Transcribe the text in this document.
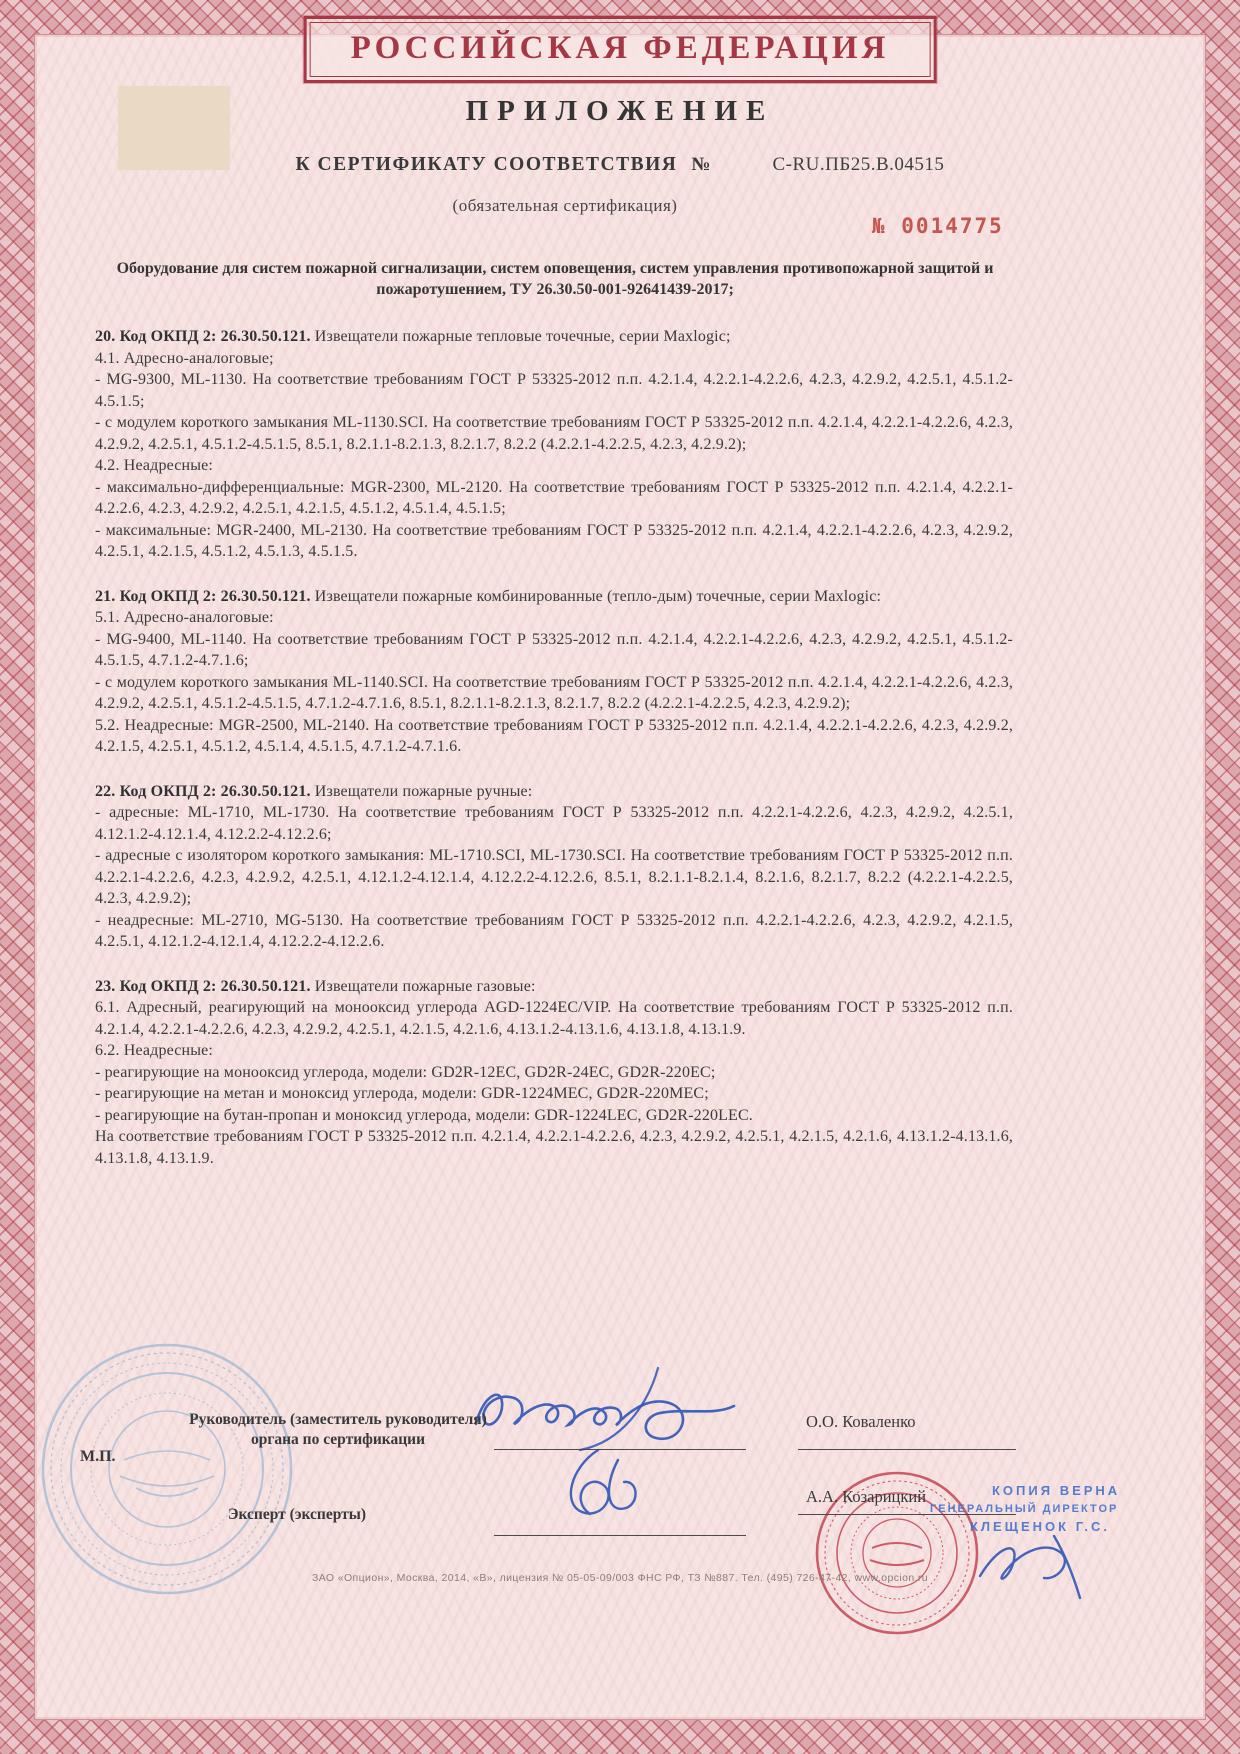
РОССИЙСКАЯ ФЕДЕРАЦИЯ
ПРИЛОЖЕНИЕ
К СЕРТИФИКАТУ СООТВЕТСТВИЯ №	C-RU.ПБ25.В.04515
(обязательная сертификация)
№ 0014775
Оборудование для систем пожарной сигнализации, систем оповещения, систем управления противопожарной защитой и пожаротушением, ТУ 26.30.50-001-92641439-2017;

20. Код ОКПД 2: 26.30.50.121. Извещатели пожарные тепловые точечные, серии Maxlogic;

4.1. Адресно-аналоговые;

- MG-9300, ML-1130. На соответствие требованиям ГОСТ Р 53325-2012 п.п. 4.2.1.4, 4.2.2.1-4.2.2.6, 4.2.3, 4.2.9.2, 4.2.5.1, 4.5.1.2-4.5.1.5;

- с модулем короткого замыкания ML-1130.SCI. На соответствие требованиям ГОСТ Р 53325-2012 п.п. 4.2.1.4, 4.2.2.1-4.2.2.6, 4.2.3, 4.2.9.2, 4.2.5.1, 4.5.1.2-4.5.1.5, 8.5.1, 8.2.1.1-8.2.1.3, 8.2.1.7, 8.2.2 (4.2.2.1-4.2.2.5, 4.2.3, 4.2.9.2);

4.2. Неадресные:

- максимально-дифференциальные: MGR-2300, ML-2120. На соответствие требованиям ГОСТ Р 53325-2012 п.п. 4.2.1.4, 4.2.2.1-4.2.2.6, 4.2.3, 4.2.9.2, 4.2.5.1, 4.2.1.5, 4.5.1.2, 4.5.1.4, 4.5.1.5;

- максимальные: MGR-2400, ML-2130. На соответствие требованиям ГОСТ Р 53325-2012 п.п. 4.2.1.4, 4.2.2.1-4.2.2.6, 4.2.3, 4.2.9.2, 4.2.5.1, 4.2.1.5, 4.5.1.2, 4.5.1.3, 4.5.1.5.

21. Код ОКПД 2: 26.30.50.121. Извещатели пожарные комбинированные (тепло-дым) точечные, серии Maxlogic:

5.1. Адресно-аналоговые:

- MG-9400, ML-1140. На соответствие требованиям ГОСТ Р 53325-2012 п.п. 4.2.1.4, 4.2.2.1-4.2.2.6, 4.2.3, 4.2.9.2, 4.2.5.1, 4.5.1.2-4.5.1.5, 4.7.1.2-4.7.1.6;

- с модулем короткого замыкания ML-1140.SCI. На соответствие требованиям ГОСТ Р 53325-2012 п.п. 4.2.1.4, 4.2.2.1-4.2.2.6, 4.2.3, 4.2.9.2, 4.2.5.1, 4.5.1.2-4.5.1.5, 4.7.1.2-4.7.1.6, 8.5.1, 8.2.1.1-8.2.1.3, 8.2.1.7, 8.2.2 (4.2.2.1-4.2.2.5, 4.2.3, 4.2.9.2);

5.2. Неадресные: MGR-2500, ML-2140. На соответствие требованиям ГОСТ Р 53325-2012 п.п. 4.2.1.4, 4.2.2.1-4.2.2.6, 4.2.3, 4.2.9.2, 4.2.1.5, 4.2.5.1, 4.5.1.2, 4.5.1.4, 4.5.1.5, 4.7.1.2-4.7.1.6.

22. Код ОКПД 2: 26.30.50.121. Извещатели пожарные ручные:

- адресные: ML-1710, ML-1730. На соответствие требованиям ГОСТ Р 53325-2012 п.п. 4.2.2.1-4.2.2.6, 4.2.3, 4.2.9.2, 4.2.5.1, 4.12.1.2-4.12.1.4, 4.12.2.2-4.12.2.6;

- адресные с изолятором короткого замыкания: ML-1710.SCI, ML-1730.SCI. На соответствие требованиям ГОСТ Р 53325-2012 п.п. 4.2.2.1-4.2.2.6, 4.2.3, 4.2.9.2, 4.2.5.1, 4.12.1.2-4.12.1.4, 4.12.2.2-4.12.2.6, 8.5.1, 8.2.1.1-8.2.1.4, 8.2.1.6, 8.2.1.7, 8.2.2 (4.2.2.1-4.2.2.5, 4.2.3, 4.2.9.2);

- неадресные: ML-2710, MG-5130. На соответствие требованиям ГОСТ Р 53325-2012 п.п. 4.2.2.1-4.2.2.6, 4.2.3, 4.2.9.2, 4.2.1.5, 4.2.5.1, 4.12.1.2-4.12.1.4, 4.12.2.2-4.12.2.6.

23. Код ОКПД 2: 26.30.50.121. Извещатели пожарные газовые:

6.1. Адресный, реагирующий на монооксид углерода AGD-1224EC/VIP. На соответствие требованиям ГОСТ Р 53325-2012 п.п. 4.2.1.4, 4.2.2.1-4.2.2.6, 4.2.3, 4.2.9.2, 4.2.5.1, 4.2.1.5, 4.2.1.6, 4.13.1.2-4.13.1.6, 4.13.1.8, 4.13.1.9.

6.2. Неадресные:

- реагирующие на монооксид углерода, модели: GD2R-12EC, GD2R-24EC, GD2R-220EC;

- реагирующие на метан и моноксид углерода, модели: GDR-1224MEC, GD2R-220MEC;

- реагирующие на бутан-пропан и моноксид углерода, модели: GDR-1224LEC, GD2R-220LEC.

На соответствие требованиям ГОСТ Р 53325-2012 п.п. 4.2.1.4, 4.2.2.1-4.2.2.6, 4.2.3, 4.2.9.2, 4.2.5.1, 4.2.1.5, 4.2.1.6, 4.13.1.2-4.13.1.6, 4.13.1.8, 4.13.1.9.

Руководитель (заместитель руководителя)
органа по сертификации
М.П.
О.О. Коваленко
Эксперт (эксперты)
А.А. Козарицкий	КОПИЯ ВЕРНА
ГЕНЕРАЛЬНЫЙ ДИРЕКТОР
КЛЕЩЕНОК Г.С.
ЗАО «Опцион», Москва, 2014, «В», лицензия № 05-05-09/003 ФНС РФ, ТЗ №887. Тел. (495) 726-47-42, www.opcion.ru
